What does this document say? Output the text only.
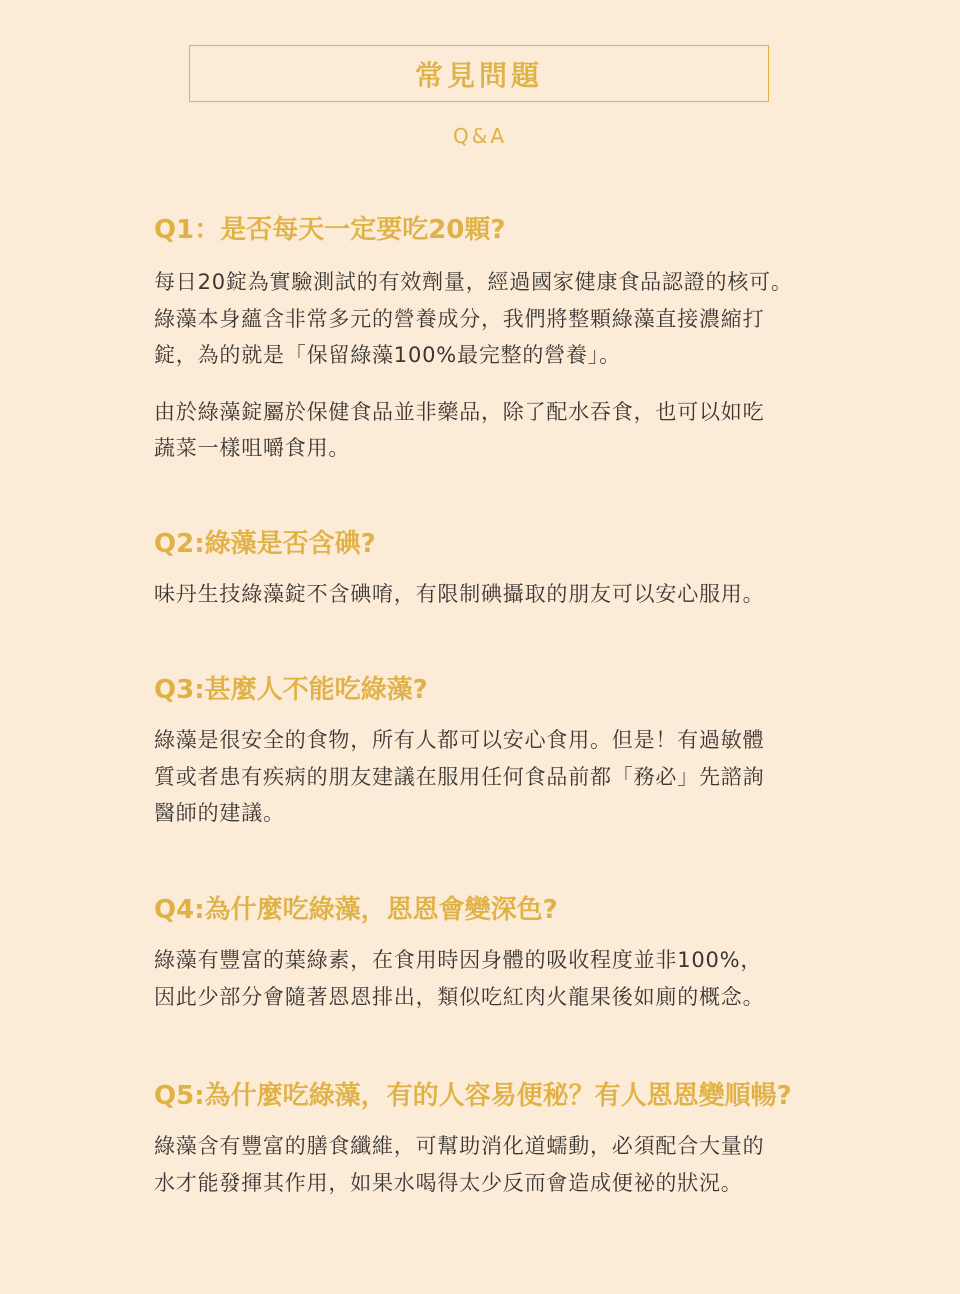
常見問題
Q&A
Q1：是否每天一定要吃20顆?
每日20錠為實驗測試的有效劑量，經過國家健康食品認證的核可。
綠藻本身蘊含非常多元的營養成分，我們將整顆綠藻直接濃縮打
錠，為的就是「保留綠藻100%最完整的營養」。
由於綠藻錠屬於保健食品並非藥品，除了配水吞食，也可以如吃
蔬菜一樣咀嚼食用。
Q2:綠藻是否含碘?
味丹生技綠藻錠不含碘唷，有限制碘攝取的朋友可以安心服用。
Q3:甚麼人不能吃綠藻?
綠藻是很安全的食物，所有人都可以安心食用。但是！有過敏體
質或者患有疾病的朋友建議在服用任何食品前都「務必」先諮詢
醫師的建議。
Q4:為什麼吃綠藻，恩恩會變深色?
綠藻有豐富的葉綠素，在食用時因身體的吸收程度並非100%，
因此少部分會隨著恩恩排出，類似吃紅肉火龍果後如廁的概念。
Q5:為什麼吃綠藻，有的人容易便秘？有人恩恩變順暢?
綠藻含有豐富的膳食纖維，可幫助消化道蠕動，必須配合大量的
水才能發揮其作用，如果水喝得太少反而會造成便祕的狀況。
